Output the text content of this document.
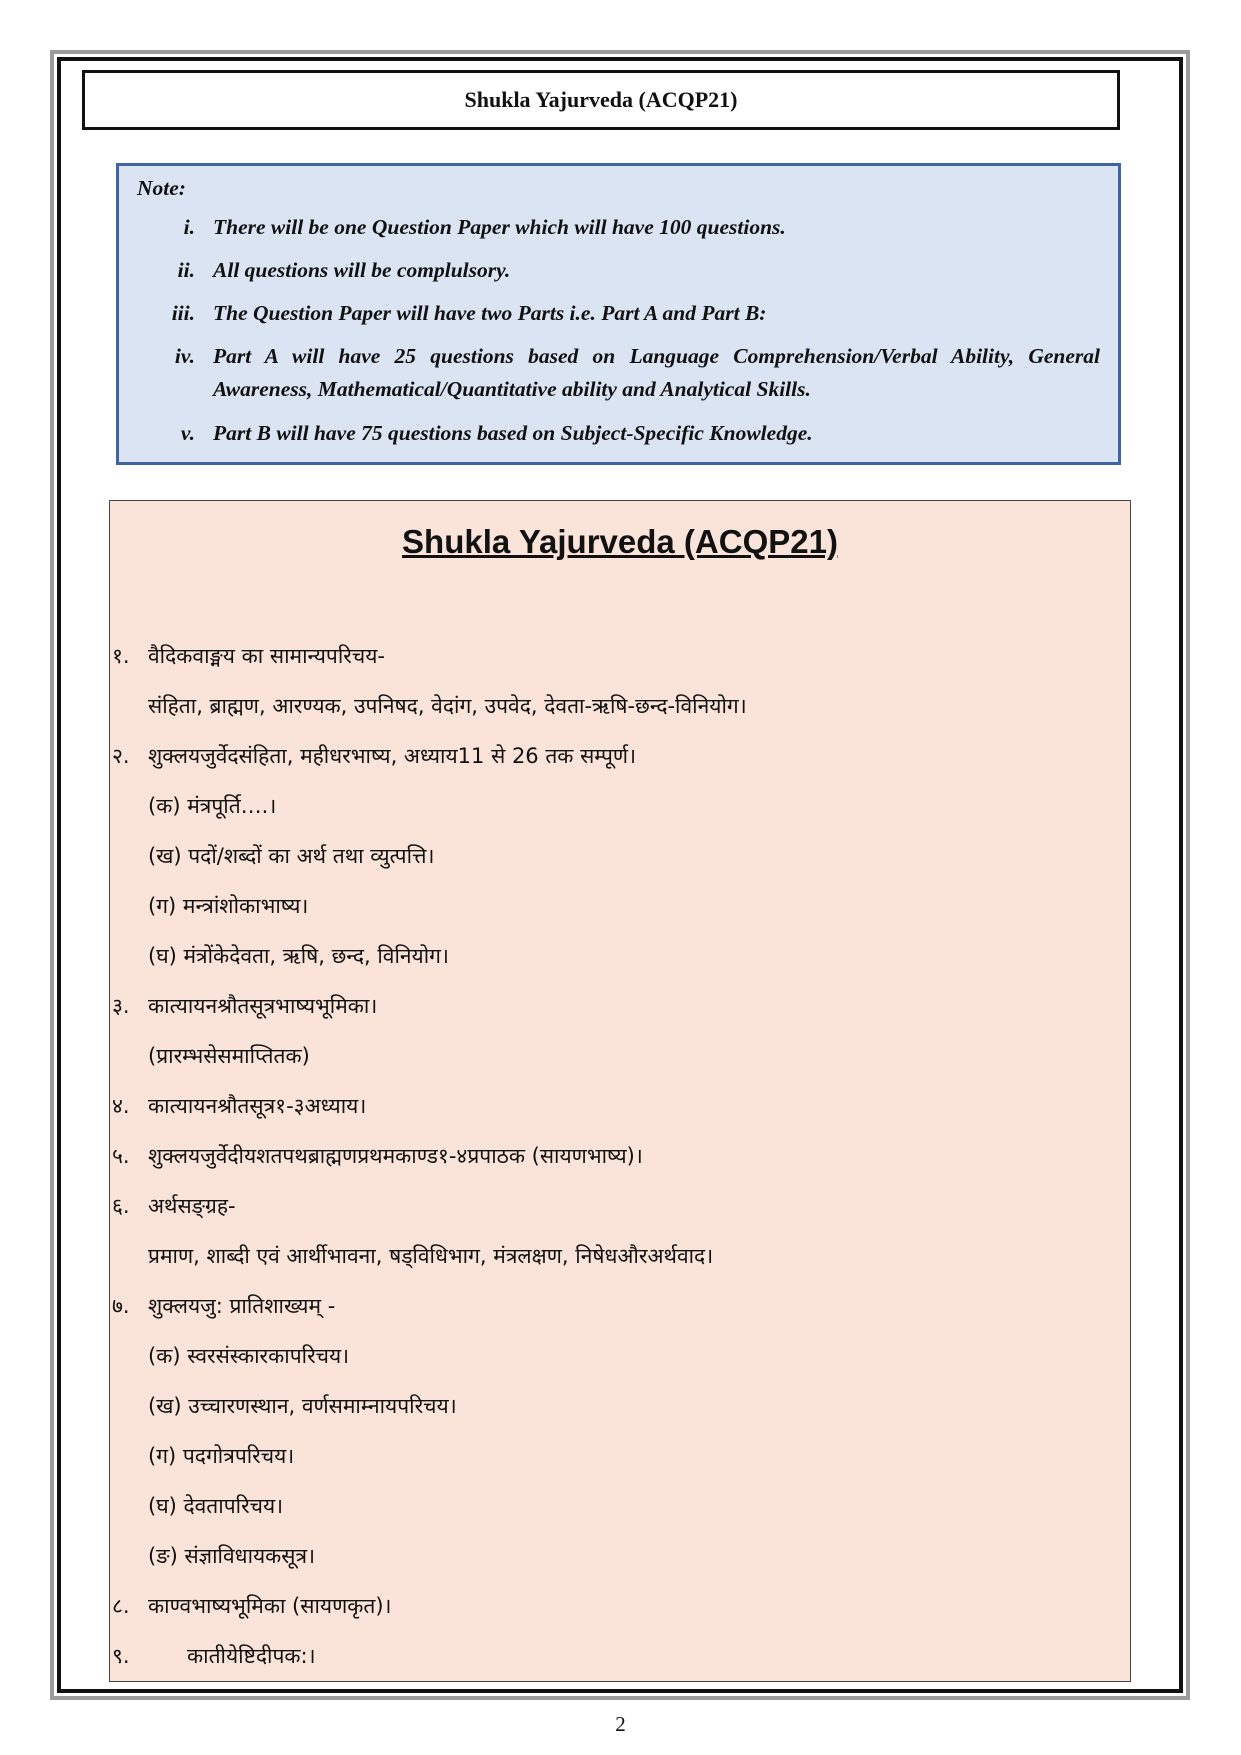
Shukla Yajurveda (ACQP21)
Note:
i. There will be one Question Paper which will have 100 questions.
ii. All questions will be complulsory.
iii. The Question Paper will have two Parts i.e. Part A and Part B:
iv. Part A will have 25 questions based on Language Comprehension/Verbal Ability, General Awareness, Mathematical/Quantitative ability and Analytical Skills.
v. Part B will have 75 questions based on Subject-Specific Knowledge.
Shukla Yajurveda (ACQP21)
१. वैदिकवाङ्मय का सामान्यपरिचय-
संहिता, ब्राह्मण, आरण्यक, उपनिषद, वेदांग, उपवेद, देवता-ऋषि-छन्द-विनियोग।
२. शुक्लयजुर्वेदसंहिता, महीधरभाष्य, अध्याय11 से 26 तक सम्पूर्ण।
(क) मंत्रपूर्ति….।
(ख) पदों/शब्दों का अर्थ तथा व्युत्पत्ति।
(ग) मन्त्रांशोकाभाष्य।
(घ) मंत्रोंकेदेवता, ऋषि, छन्द, विनियोग।
३. कात्यायनश्रौतसूत्रभाष्यभूमिका।
(प्रारम्भसेसमाप्तितक)
४. कात्यायनश्रौतसूत्र१-३अध्याय।
५. शुक्लयजुर्वेदीयशतपथब्राह्मणप्रथमकाण्ड१-४प्रपाठक (सायणभाष्य)।
६. अर्थसङ्ग्रह-
प्रमाण, शाब्दी एवं आर्थीभावना, षड्विधिभाग, मंत्रलक्षण, निषेधऔरअर्थवाद।
७. शुक्लयजु: प्रातिशाख्यम् -
(क) स्वरसंस्कारकापरिचय।
(ख) उच्चारणस्थान, वर्णसमाम्नायपरिचय।
(ग) पदगोत्रपरिचय।
(घ) देवतापरिचय।
(ङ) संज्ञाविधायकसूत्र।
८. काण्वभाष्यभूमिका (सायणकृत)।
९.	कातीयेष्टिदीपक:।
2
